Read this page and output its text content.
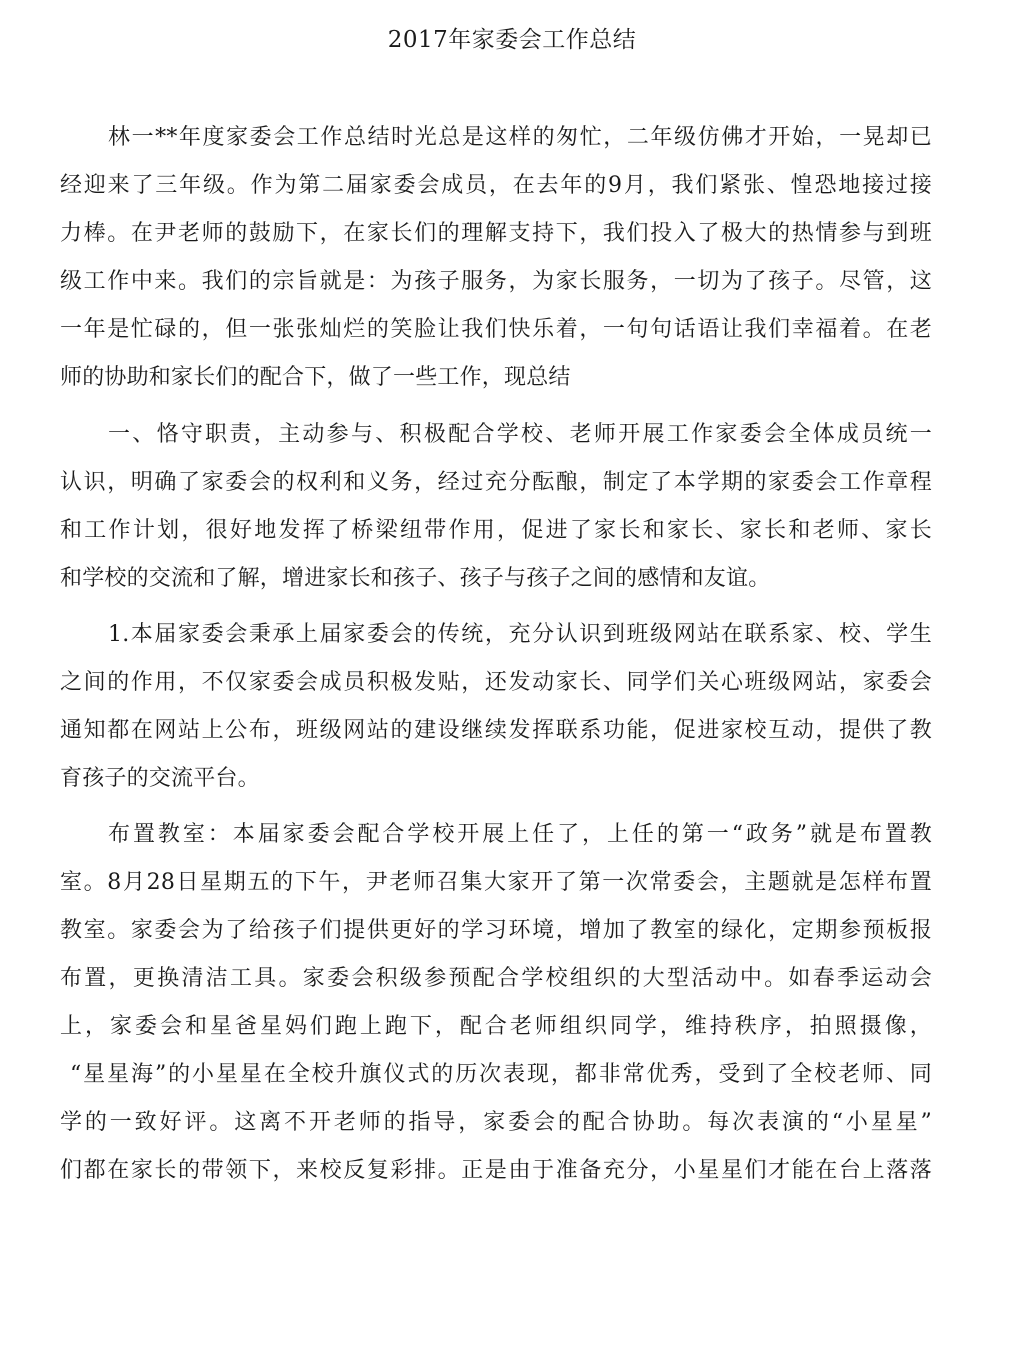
2017年家委会工作总结
林一**年度家委会工作总结时光总是这样的匆忙，二年级仿佛才开始，一晃却已
经迎来了三年级。作为第二届家委会成员，在去年的9月，我们紧张、惶恐地接过接
力棒。在尹老师的鼓励下，在家长们的理解支持下，我们投入了极大的热情参与到班
级工作中来。我们的宗旨就是：为孩子服务，为家长服务，一切为了孩子。尽管，这
一年是忙碌的，但一张张灿烂的笑脸让我们快乐着，一句句话语让我们幸福着。在老
师的协助和家长们的配合下，做了一些工作，现总结
一、恪守职责，主动参与、积极配合学校、老师开展工作家委会全体成员统一
认识，明确了家委会的权利和义务，经过充分酝酿，制定了本学期的家委会工作章程
和工作计划，很好地发挥了桥梁纽带作用，促进了家长和家长、家长和老师、家长
和学校的交流和了解，增进家长和孩子、孩子与孩子之间的感情和友谊。
1.本届家委会秉承上届家委会的传统，充分认识到班级网站在联系家、校、学生
之间的作用，不仅家委会成员积极发贴，还发动家长、同学们关心班级网站，家委会
通知都在网站上公布，班级网站的建设继续发挥联系功能，促进家校互动，提供了教
育孩子的交流平台。
布置教室：本届家委会配合学校开展上任了，上任的第一“政务”就是布置教
室。8月28日星期五的下午，尹老师召集大家开了第一次常委会，主题就是怎样布置
教室。家委会为了给孩子们提供更好的学习环境，增加了教室的绿化，定期参预板报
布置，更换清洁工具。家委会积级参预配合学校组织的大型活动中。如春季运动会
上，家委会和星爸星妈们跑上跑下，配合老师组织同学，维持秩序，拍照摄像，
“星星海”的小星星在全校升旗仪式的历次表现，都非常优秀，受到了全校老师、同
学的一致好评。这离不开老师的指导，家委会的配合协助。每次表演的“小星星”
们都在家长的带领下，来校反复彩排。正是由于准备充分，小星星们才能在台上落落
